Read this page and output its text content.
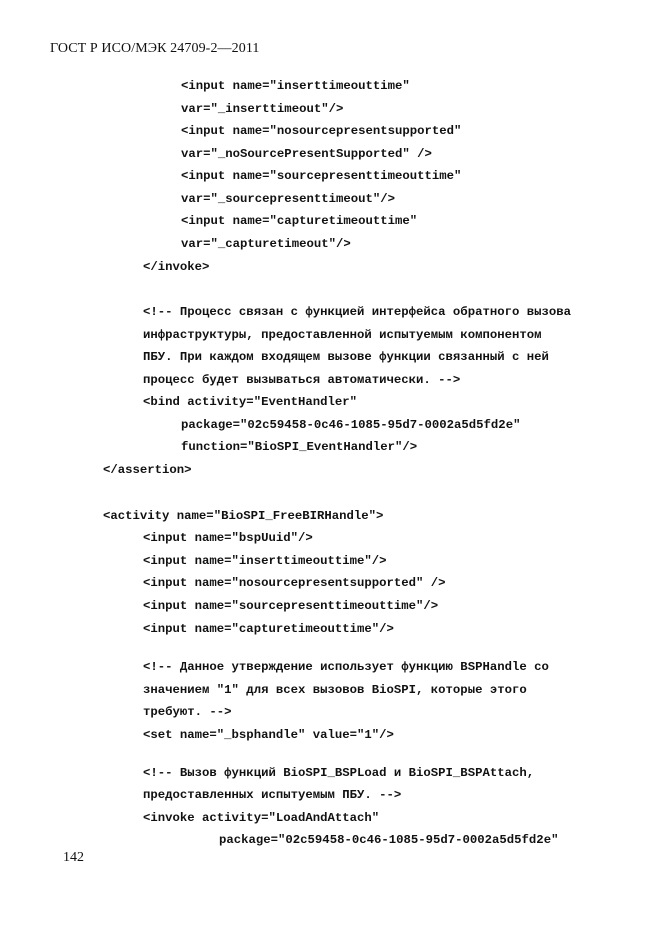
ГОСТ Р ИСО/МЭК 24709-2—2011
<input name="inserttimeouttime"
var="_inserttimeout"/>
<input name="nosourcepresentsupported"
var="_noSourcePresentSupported" />
<input name="sourcepresenttimeouttime"
var="_sourcepresenttimeout"/>
<input name="capturetimeouttime"
var="_capturetimeout"/>
</invoke>
<!-- Процесс связан с функцией интерфейса обратного вызова
инфраструктуры, предоставленной испытуемым компонентом
ПБУ. При каждом входящем вызове функции связанный с ней
процесс будет вызываться автоматически. -->
<bind activity="EventHandler"
package="02c59458-0c46-1085-95d7-0002a5d5fd2e"
function="BioSPI_EventHandler"/>
</assertion>
<activity name="BioSPI_FreeBIRHandle">
<input name="bspUuid"/>
<input name="inserttimeouttime"/>
<input name="nosourcepresentsupported" />
<input name="sourcepresenttimeouttime"/>
<input name="capturetimeouttime"/>
<!-- Данное утверждение использует функцию BSPHandle со
значением "1" для всех вызовов BioSPI, которые этого
требуют. -->
<set name="_bsphandle" value="1"/>
<!-- Вызов функций BioSPI_BSPLoad и BioSPI_BSPAttach,
предоставленных испытуемым ПБУ. -->
<invoke activity="LoadAndAttach"
package="02c59458-0c46-1085-95d7-0002a5d5fd2e"
142
